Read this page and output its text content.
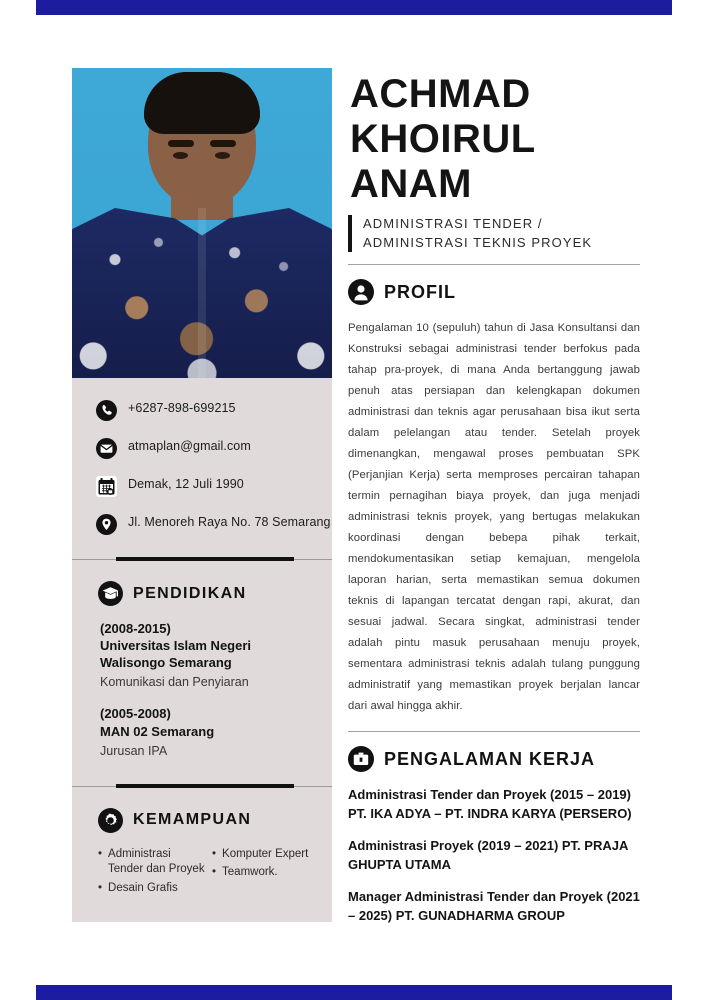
+6287-898-699215
atmaplan@gmail.com
Demak, 12 Juli 1990
Jl. Menoreh Raya No. 78 Semarang
PENDIDIKAN
(2008-2015)
Universitas Islam Negeri Walisongo Semarang
Komunikasi dan Penyiaran
(2005-2008)
MAN 02 Semarang
Jurusan IPA
KEMAMPUAN
• Administrasi Tender dan Proyek
• Desain Grafis
• Komputer Expert
• Teamwork.
ACHMAD
KHOIRUL
ANAM
ADMINISTRASI TENDER /
ADMINISTRASI TEKNIS PROYEK
PROFIL
Pengalaman 10 (sepuluh) tahun di Jasa Konsultansi dan Konstruksi sebagai administrasi tender berfokus pada tahap pra-proyek, di mana Anda bertanggung jawab penuh atas persiapan dan kelengkapan dokumen administrasi dan teknis agar perusahaan bisa ikut serta dalam pelelangan atau tender. Setelah proyek dimenangkan, mengawal proses pembuatan SPK (Perjanjian Kerja) serta memproses percairan tahapan termin pernagihan biaya proyek, dan juga menjadi administrasi teknis proyek, yang bertugas melakukan koordinasi dengan bebepa pihak terkait, mendokumentasikan setiap kemajuan, mengelola laporan harian, serta memastikan semua dokumen teknis di lapangan tercatat dengan rapi, akurat, dan sesuai jadwal. Secara singkat, administrasi tender adalah pintu masuk perusahaan menuju proyek, sementara administrasi teknis adalah tulang punggung administratif yang memastikan proyek berjalan lancar dari awal hingga akhir.
PENGALAMAN KERJA
Administrasi Tender dan Proyek (2015 – 2019) PT. IKA ADYA – PT. INDRA KARYA (PERSERO)
Administrasi Proyek (2019 – 2021) PT. PRAJA GHUPTA UTAMA
Manager Administrasi Tender dan Proyek (2021 – 2025) PT. GUNADHARMA GROUP
